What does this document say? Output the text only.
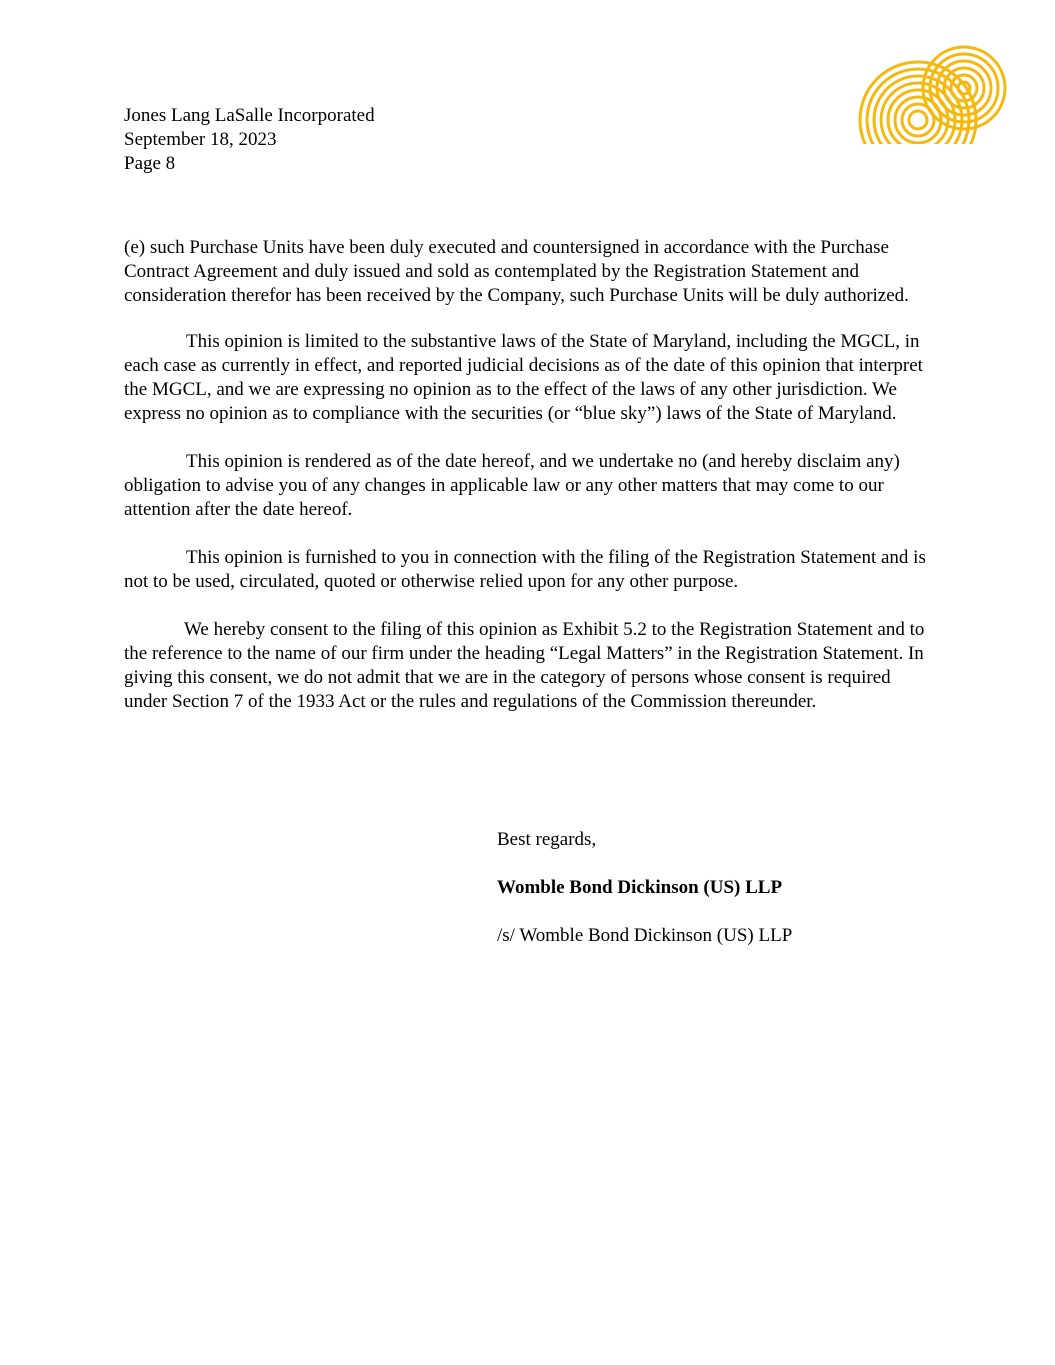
Jones Lang LaSalle Incorporated
September 18, 2023
Page 8

(e) such Purchase Units have been duly executed and countersigned in accordance with the Purchase Contract Agreement and duly issued and sold as contemplated by the Registration Statement and consideration therefor has been received by the Company, such Purchase Units will be duly authorized.

This opinion is limited to the substantive laws of the State of Maryland, including the MGCL, in each case as currently in effect, and reported judicial decisions as of the date of this opinion that interpret the MGCL, and we are expressing no opinion as to the effect of the laws of any other jurisdiction. We express no opinion as to compliance with the securities (or “blue sky”) laws of the State of Maryland.

This opinion is rendered as of the date hereof, and we undertake no (and hereby disclaim any) obligation to advise you of any changes in applicable law or any other matters that may come to our attention after the date hereof.

This opinion is furnished to you in connection with the filing of the Registration Statement and is not to be used, circulated, quoted or otherwise relied upon for any other purpose.

We hereby consent to the filing of this opinion as Exhibit 5.2 to the Registration Statement and to the reference to the name of our firm under the heading “Legal Matters” in the Registration Statement. In giving this consent, we do not admit that we are in the category of persons whose consent is required under Section 7 of the 1933 Act or the rules and regulations of the Commission thereunder.

Best regards,
Womble Bond Dickinson (US) LLP
/s/ Womble Bond Dickinson (US) LLP
